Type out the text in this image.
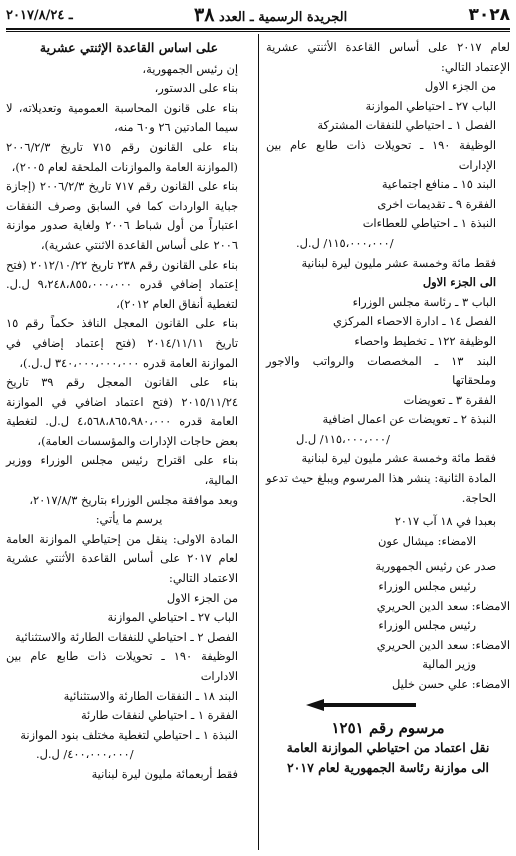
٣٠٢٨
الجريدة الرسمية ـ العدد ٣٨
ـ ٢٠١٧/٨/٢٤

لعام ٢٠١٧ على أساس القاعدة الأثنتي عشرية الإعتماد التالي:

من الجزء الاول

الباب ٢٧ ـ احتياطي الموازنة

الفصل ١ ـ احتياطي للنفقات المشتركة

الوظيفة ١٩٠ ـ تحويلات ذات طابع عام بين الإدارات

البند ١٥ ـ منافع اجتماعية

الفقرة ٩ ـ تقديمات اخرى

النبذة ١ ـ احتياطي للعطاءات

/١١٥،٠٠٠،٠٠٠/ ل.ل.

فقط مائة وخمسة عشر مليون ليرة لبنانية

الى الجزء الاول

الباب ٣ ـ رئاسة مجلس الوزراء

الفصل ١٤ ـ ادارة الاحصاء المركزي

الوظيفة ١٢٢ ـ تخطيط واحصاء

البند ١٣ ـ المخصصات والرواتب والاجور وملحقاتها

الفقرة ٣ ـ تعويضات

النبذة ٢ ـ تعويضات عن اعمال اضافية

/١١٥،٠٠٠،٠٠٠/ ل.ل

فقط مائة وخمسة عشر مليون ليرة لبنانية

المادة الثانية: ينشر هذا المرسوم ويبلغ حيث تدعو الحاجة.

بعبدا في ١٨ آب ٢٠١٧

الامضاء: ميشال عون

صدر عن رئيس الجمهورية

رئيس مجلس الوزراء

الامضاء: سعد الدين الحريري

رئيس مجلس الوزراء

الامضاء: سعد الدين الحريري

وزير المالية

الامضاء: علي حسن خليل

مرسوم رقم ١٢٥١

نقل اعتماد من احتياطي الموازنة العامة

الى موازنة رئاسة الجمهورية لعام ٢٠١٧

على اساس القاعدة الإثنتي عشرية

إن رئيس الجمهورية،

بناء على الدستور،

بناء على قانون المحاسبة العمومية وتعديلاته، لا سيما المادتين ٢٦ و٦٠ منه،

بناء على القانون رقم ٧١٥ تاريخ ٢٠٠٦/٢/٣ (الموازنة العامة والموازنات الملحقة لعام ٢٠٠٥)،

بناء على القانون رقم ٧١٧ تاريخ ٢٠٠٦/٢/٣ (إجازة جباية الواردات كما في السابق وصرف النفقات اعتباراً من أول شباط ٢٠٠٦ ولغاية صدور موازنة ٢٠٠٦ على أساس القاعدة الاثنتي عشرية)،

بناء على القانون رقم ٢٣٨ تاريخ ٢٠١٢/١٠/٢٢ (فتح إعتماد إضافي قدره ٩،٢٤٨،٨٥٥،٠٠٠،٠٠٠ ل.ل. لتغطية أنفاق العام ٢٠١٢)،

بناء على القانون المعجل النافذ حكماً رقم ١٥ تاريخ ٢٠١٤/١١/١١ (فتح إعتماد إضافي في الموازنة العامة قدره ٣٤٠،٠٠٠،٠٠٠،٠٠٠ ل.ل.)،

بناء على القانون المعجل رقم ٣٩ تاريخ ٢٠١٥/١١/٢٤ (فتح اعتماد اضافي في الموازنة العامة قدره ٤،٥٦٨،٨٦٥،٩٨٠،٠٠٠ ل.ل. لتغطية بعض حاجات الإدارات والمؤسسات العامة)،

بناء على اقتراح رئيس مجلس الوزراء ووزير المالية،

وبعد موافقة مجلس الوزراء بتاريخ ٢٠١٧/٨/٣،

يرسم ما يأتي:

المادة الاولى: ينقل من إحتياطي الموازنة العامة لعام ٢٠١٧ على أساس القاعدة الأثنتي عشرية الاعتماد التالي:

من الجزء الاول

الباب ٢٧ ـ احتياطي الموازنة

الفصل ٢ ـ احتياطي للنفقات الطارئة والاستثنائية

الوظيفة ١٩٠ ـ تحويلات ذات طابع عام بين الادارات

البند ١٨ ـ النفقات الطارئة والاستثنائية

الفقرة ١ ـ احتياطي لنفقات طارئة

النبذة ١ ـ احتياطي لتغطية مختلف بنود الموازنة

/٤٠٠،٠٠٠،٠٠٠/ ل.ل.

فقط أربعمائة مليون ليرة لبنانية
